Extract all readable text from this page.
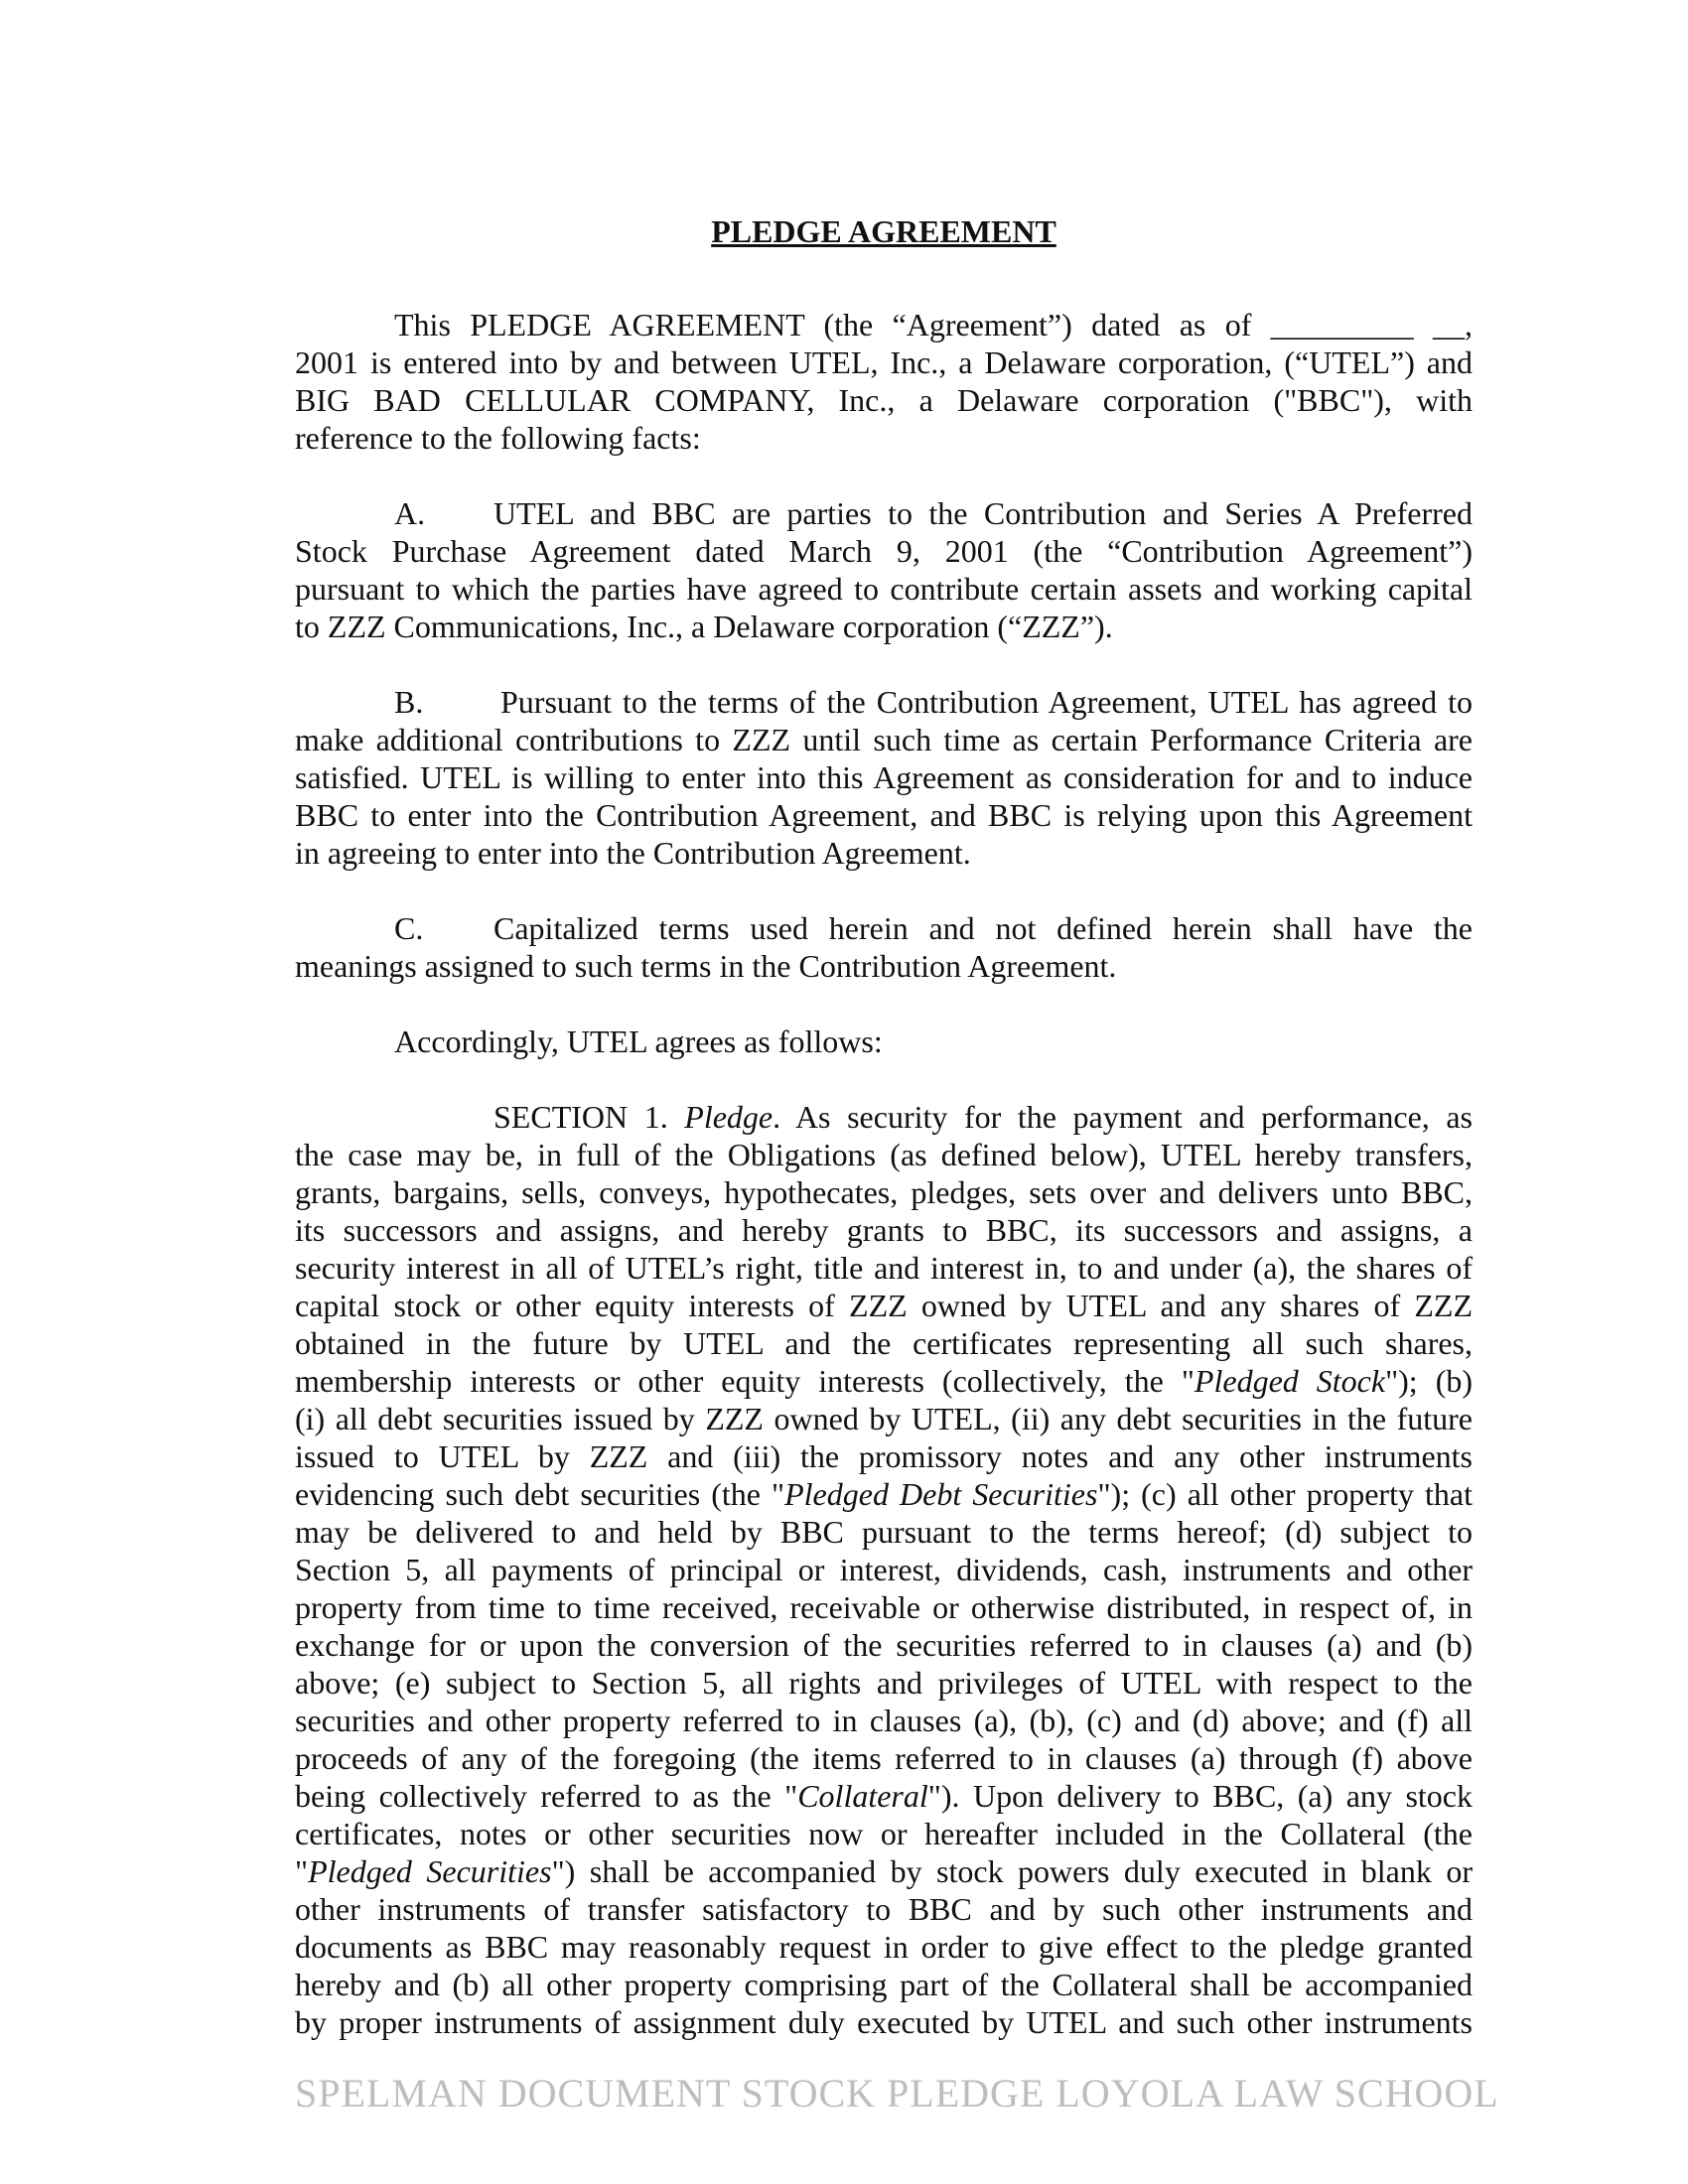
PLEDGE AGREEMENT
This PLEDGE AGREEMENT (the “Agreement”) dated as of _________ __,
2001 is entered into by and between UTEL, Inc., a Delaware corporation, (“UTEL”) and
BIG BAD CELLULAR COMPANY, Inc., a Delaware corporation ("BBC"), with
reference to the following facts:
A.	UTEL and BBC are parties to the Contribution and Series A Preferred
Stock Purchase Agreement dated March 9, 2001 (the “Contribution Agreement”)
pursuant to which the parties have agreed to contribute certain assets and working capital
to ZZZ Communications, Inc., a Delaware corporation (“ZZZ”).
B.	Pursuant to the terms of the Contribution Agreement, UTEL has agreed to
make additional contributions to ZZZ until such time as certain Performance Criteria are
satisfied. UTEL is willing to enter into this Agreement as consideration for and to induce
BBC to enter into the Contribution Agreement, and BBC is relying upon this Agreement
in agreeing to enter into the Contribution Agreement.
C.	Capitalized terms used herein and not defined herein shall have the
meanings assigned to such terms in the Contribution Agreement.
Accordingly, UTEL agrees as follows:
SECTION 1. Pledge. As security for the payment and performance, as
the case may be, in full of the Obligations (as defined below), UTEL hereby transfers,
grants, bargains, sells, conveys, hypothecates, pledges, sets over and delivers unto BBC,
its successors and assigns, and hereby grants to BBC, its successors and assigns, a
security interest in all of UTEL’s right, title and interest in, to and under (a), the shares of
capital stock or other equity interests of ZZZ owned by UTEL and any shares of ZZZ
obtained in the future by UTEL and the certificates representing all such shares,
membership interests or other equity interests (collectively, the "Pledged Stock"); (b)
(i) all debt securities issued by ZZZ owned by UTEL, (ii) any debt securities in the future
issued to UTEL by ZZZ and (iii) the promissory notes and any other instruments
evidencing such debt securities (the "Pledged Debt Securities"); (c) all other property that
may be delivered to and held by BBC pursuant to the terms hereof; (d) subject to
Section 5, all payments of principal or interest, dividends, cash, instruments and other
property from time to time received, receivable or otherwise distributed, in respect of, in
exchange for or upon the conversion of the securities referred to in clauses (a) and (b)
above; (e) subject to Section 5, all rights and privileges of UTEL with respect to the
securities and other property referred to in clauses (a), (b), (c) and (d) above; and (f) all
proceeds of any of the foregoing (the items referred to in clauses (a) through (f) above
being collectively referred to as the "Collateral"). Upon delivery to BBC, (a) any stock
certificates, notes or other securities now or hereafter included in the Collateral (the
"Pledged Securities") shall be accompanied by stock powers duly executed in blank or
other instruments of transfer satisfactory to BBC and by such other instruments and
documents as BBC may reasonably request in order to give effect to the pledge granted
hereby and (b) all other property comprising part of the Collateral shall be accompanied
by proper instruments of assignment duly executed by UTEL and such other instruments
SPELMAN DOCUMENT STOCK PLEDGE LOYOLA LAW SCHOOL
